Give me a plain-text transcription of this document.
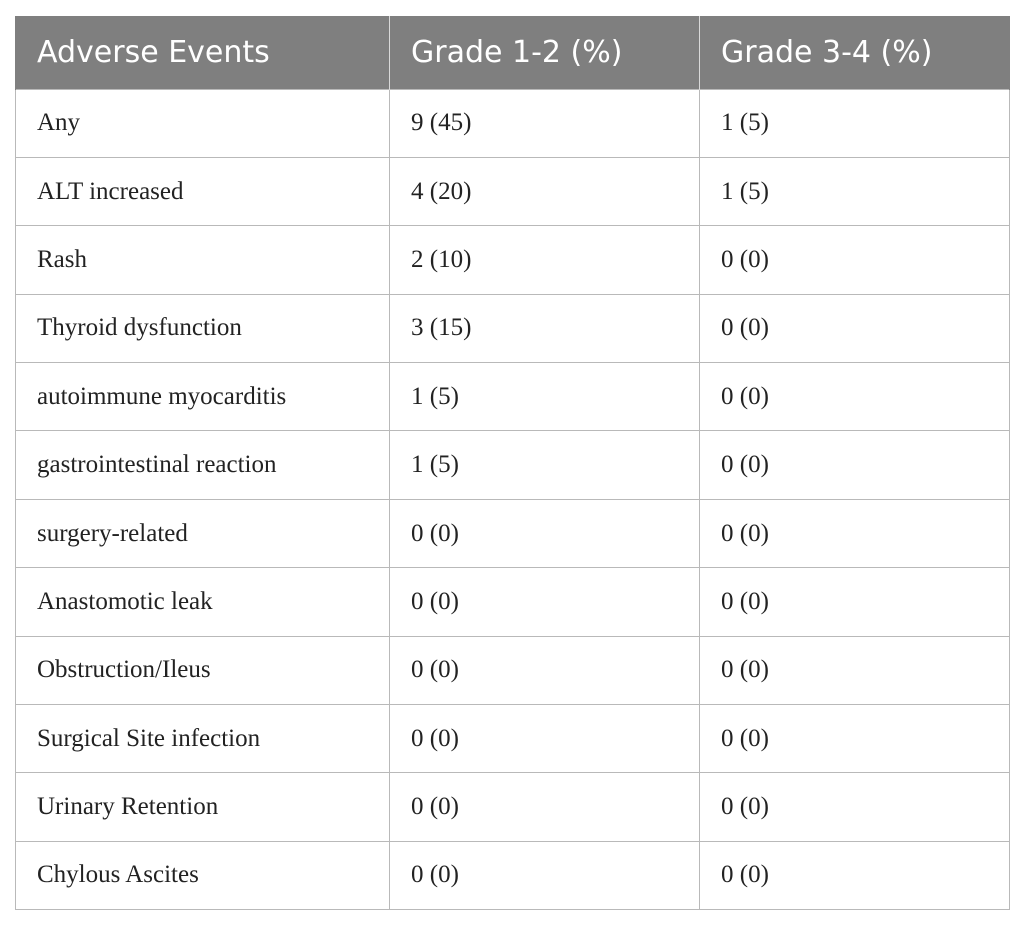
Adverse Events	Grade 1-2 (%)	Grade 3-4 (%)
Any	9 (45)	1 (5)
ALT increased	4 (20)	1 (5)
Rash	2 (10)	0 (0)
Thyroid dysfunction	3 (15)	0 (0)
autoimmune myocarditis	1 (5)	0 (0)
gastrointestinal reaction	1 (5)	0 (0)
surgery-related	0 (0)	0 (0)
Anastomotic leak	0 (0)	0 (0)
Obstruction/Ileus	0 (0)	0 (0)
Surgical Site infection	0 (0)	0 (0)
Urinary Retention	0 (0)	0 (0)
Chylous Ascites	0 (0)	0 (0)
